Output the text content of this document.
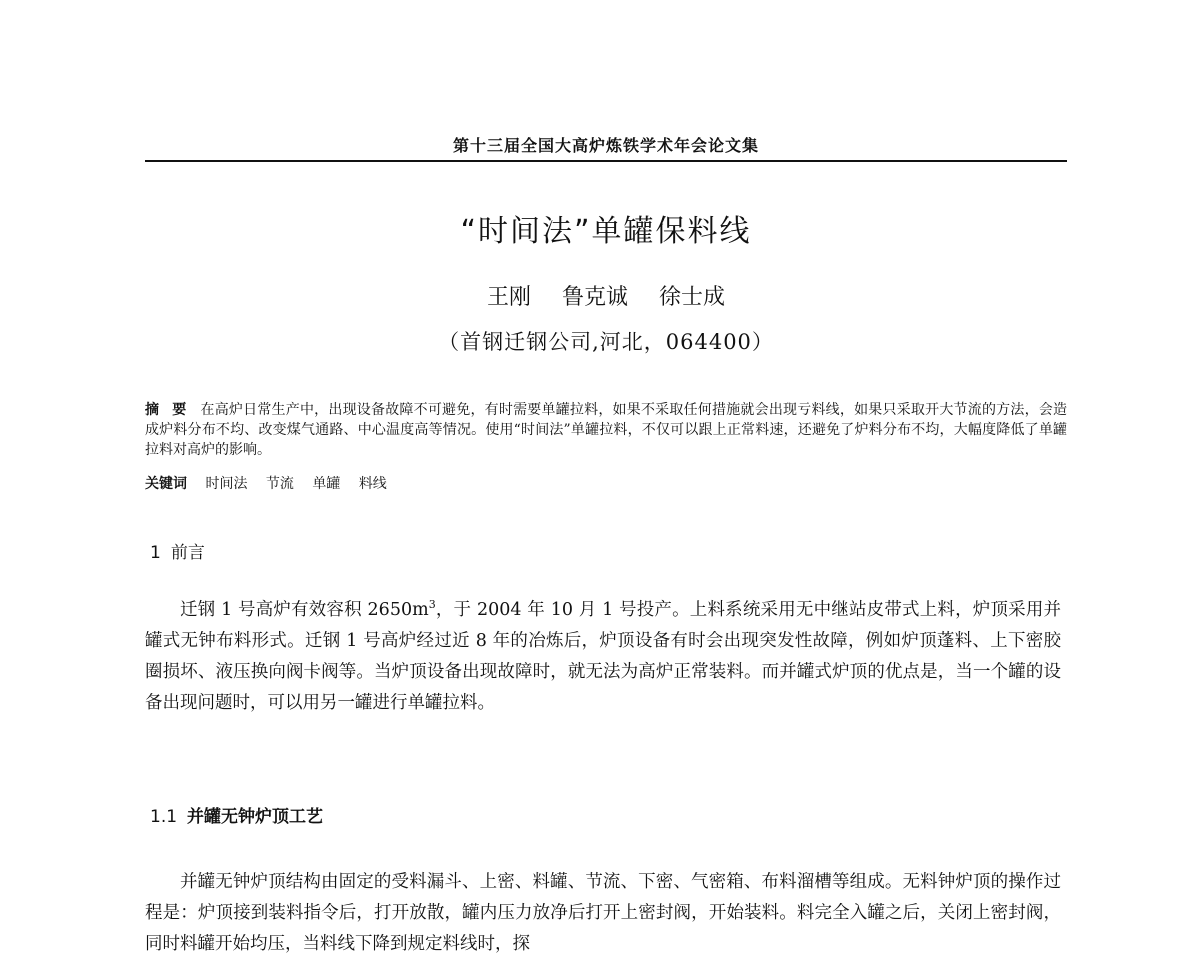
第十三届全国大高炉炼铁学术年会论文集
“时间法”单罐保料线
王刚 鲁克诚 徐士成
（首钢迁钢公司,河北，064400）
摘 要 在高炉日常生产中，出现设备故障不可避免，有时需要单罐拉料，如果不采取任何措施就会出现亏料线，如果只采取开大节流的方法，会造成炉料分布不均、改变煤气通路、中心温度高等情况。使用“时间法”单罐拉料，不仅可以跟上正常料速，还避免了炉料分布不均，大幅度降低了单罐拉料对高炉的影响。
关键词 时间法 节流 单罐 料线
1 前言
迁钢 1 号高炉有效容积 $2650m^3$，于 2004 年 10 月 1 号投产。上料系统采用无中继站皮带式上料，炉顶采用并罐式无钟布料形式。迁钢 1 号高炉经过近 8 年的冶炼后，炉顶设备有时会出现突发性故障，例如炉顶蓬料、上下密胶圈损坏、液压换向阀卡阀等。当炉顶设备出现故障时，就无法为高炉正常装料。而并罐式炉顶的优点是，当一个罐的设备出现问题时，可以用另一罐进行单罐拉料。
1.1 并罐无钟炉顶工艺
并罐无钟炉顶结构由固定的受料漏斗、上密、料罐、节流、下密、气密箱、布料溜槽等组成。无料钟炉顶的操作过程是：炉顶接到装料指令后，打开放散，罐内压力放净后打开上密封阀，开始装料。料完全入罐之后，关闭上密封阀，同时料罐开始均压，当料线下降到规定料线时，探
